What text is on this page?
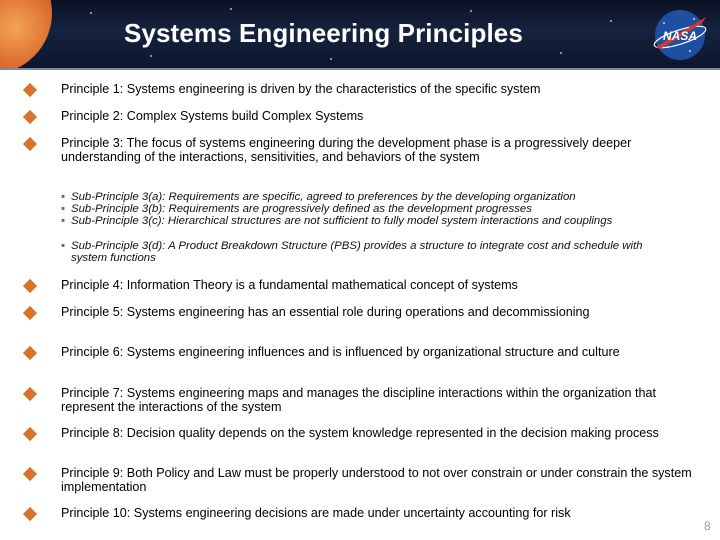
Systems Engineering Principles	NASA
Principle 1: Systems engineering is driven by the characteristics of the specific system
Principle 2: Complex Systems build Complex Systems
Principle 3: The focus of systems engineering during the development phase is a progressively deeper understanding of the interactions, sensitivities, and behaviors of the system
▪ Sub-Principle 3(a): Requirements are specific, agreed to preferences by the developing organization
▪ Sub-Principle 3(b): Requirements are progressively defined as the development progresses
▪ Sub-Principle 3(c): Hierarchical structures are not sufficient to fully model system interactions and couplings
▪ Sub-Principle 3(d): A Product Breakdown Structure (PBS) provides a structure to integrate cost and schedule with system functions
Principle 4: Information Theory is a fundamental mathematical concept of systems
Principle 5: Systems engineering has an essential role during operations and decommissioning
Principle 6: Systems engineering influences and is influenced by organizational structure and culture
Principle 7: Systems engineering maps and manages the discipline interactions within the organization that represent the interactions of the system
Principle 8: Decision quality depends on the system knowledge represented in the decision making process
Principle 9: Both Policy and Law must be properly understood to not over constrain or under constrain the system implementation
Principle 10: Systems engineering decisions are made under uncertainty accounting for risk
8
